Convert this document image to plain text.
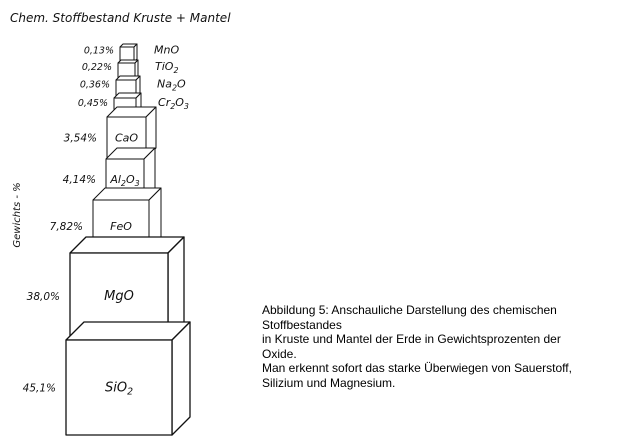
Chem. Stoffbestand Kruste + Mantel
Gewichts - %
MnO
0,13%
TiO$_2$
0,22%
$Na_2O$
0,36%
$Cr_2O_3$
0,45%
CaO
3,54%
$Al_2O_3$
4,14%
FeO
7,82%
MgO
38,0%
SiO$_2$
45,1%
Abbildung 5: Anschauliche Darstellung des chemischen
Stoffbestandes
in Kruste und Mantel der Erde in Gewichtsprozenten der
Oxide.
Man erkennt sofort das starke Überwiegen von Sauerstoff,
Silizium und Magnesium.
